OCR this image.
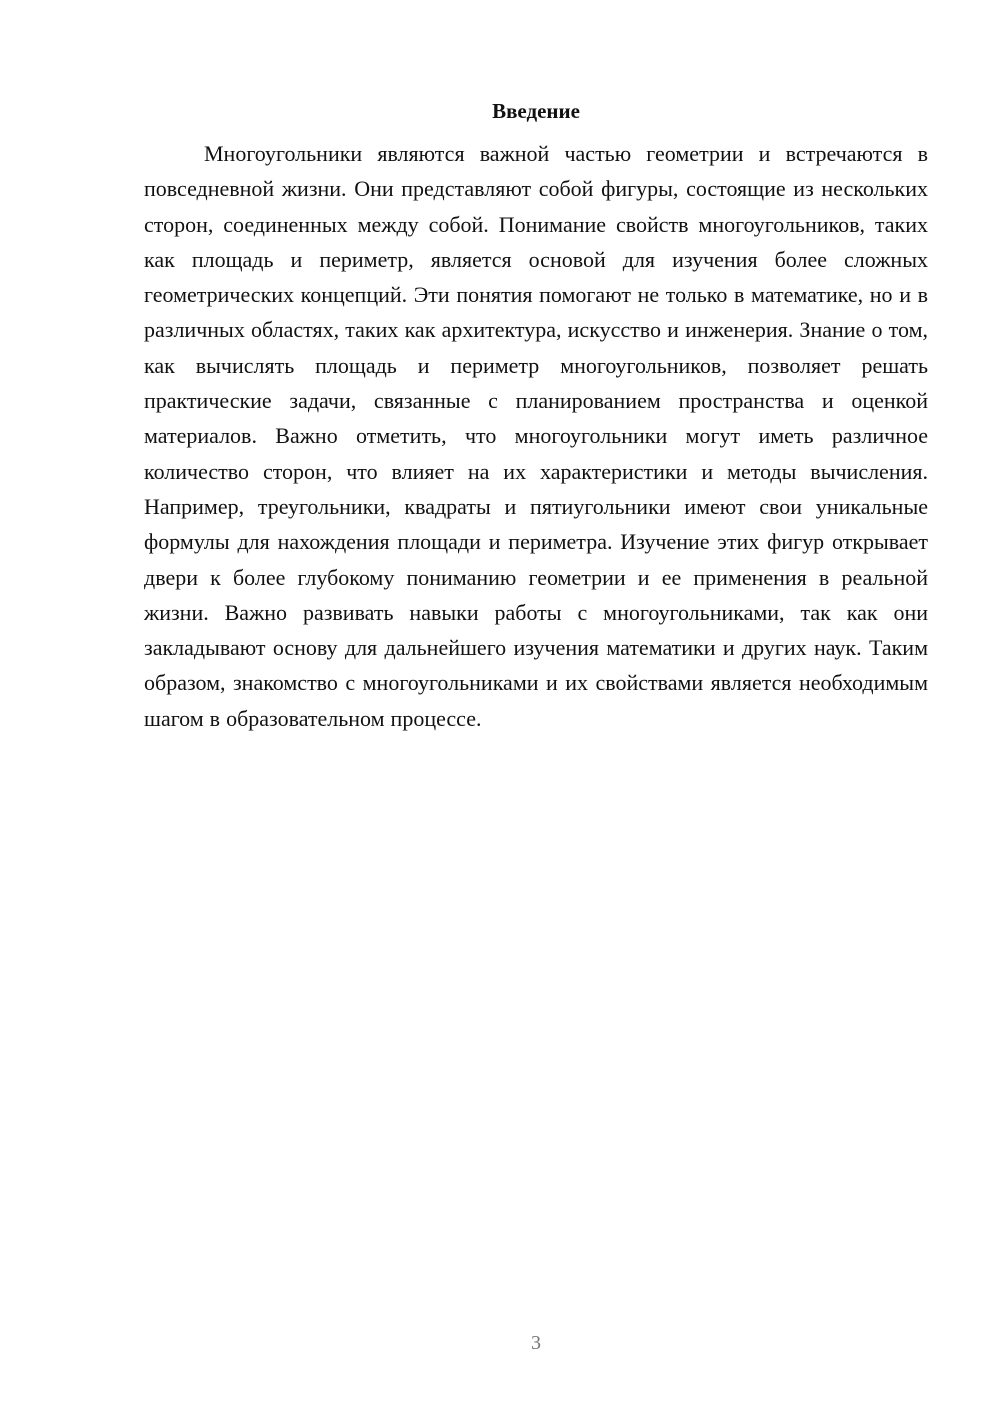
Введение

Многоугольники являются важной частью геометрии и встречаются в повседневной жизни. Они представляют собой фигуры, состоящие из нескольких сторон, соединенных между собой. Понимание свойств многоугольников, таких как площадь и периметр, является основой для изучения более сложных геометрических концепций. Эти понятия помогают не только в математике, но и в различных областях, таких как архитектура, искусство и инженерия. Знание о том, как вычислять площадь и периметр многоугольников, позволяет решать практические задачи, связанные с планированием пространства и оценкой материалов. Важно отметить, что многоугольники могут иметь различное количество сторон, что влияет на их характеристики и методы вычисления. Например, треугольники, квадраты и пятиугольники имеют свои уникальные формулы для нахождения площади и периметра. Изучение этих фигур открывает двери к более глубокому пониманию геометрии и ее применения в реальной жизни. Важно развивать навыки работы с многоугольниками, так как они закладывают основу для дальнейшего изучения математики и других наук. Таким образом, знакомство с многоугольниками и их свойствами является необходимым шагом в образовательном процессе.

3
